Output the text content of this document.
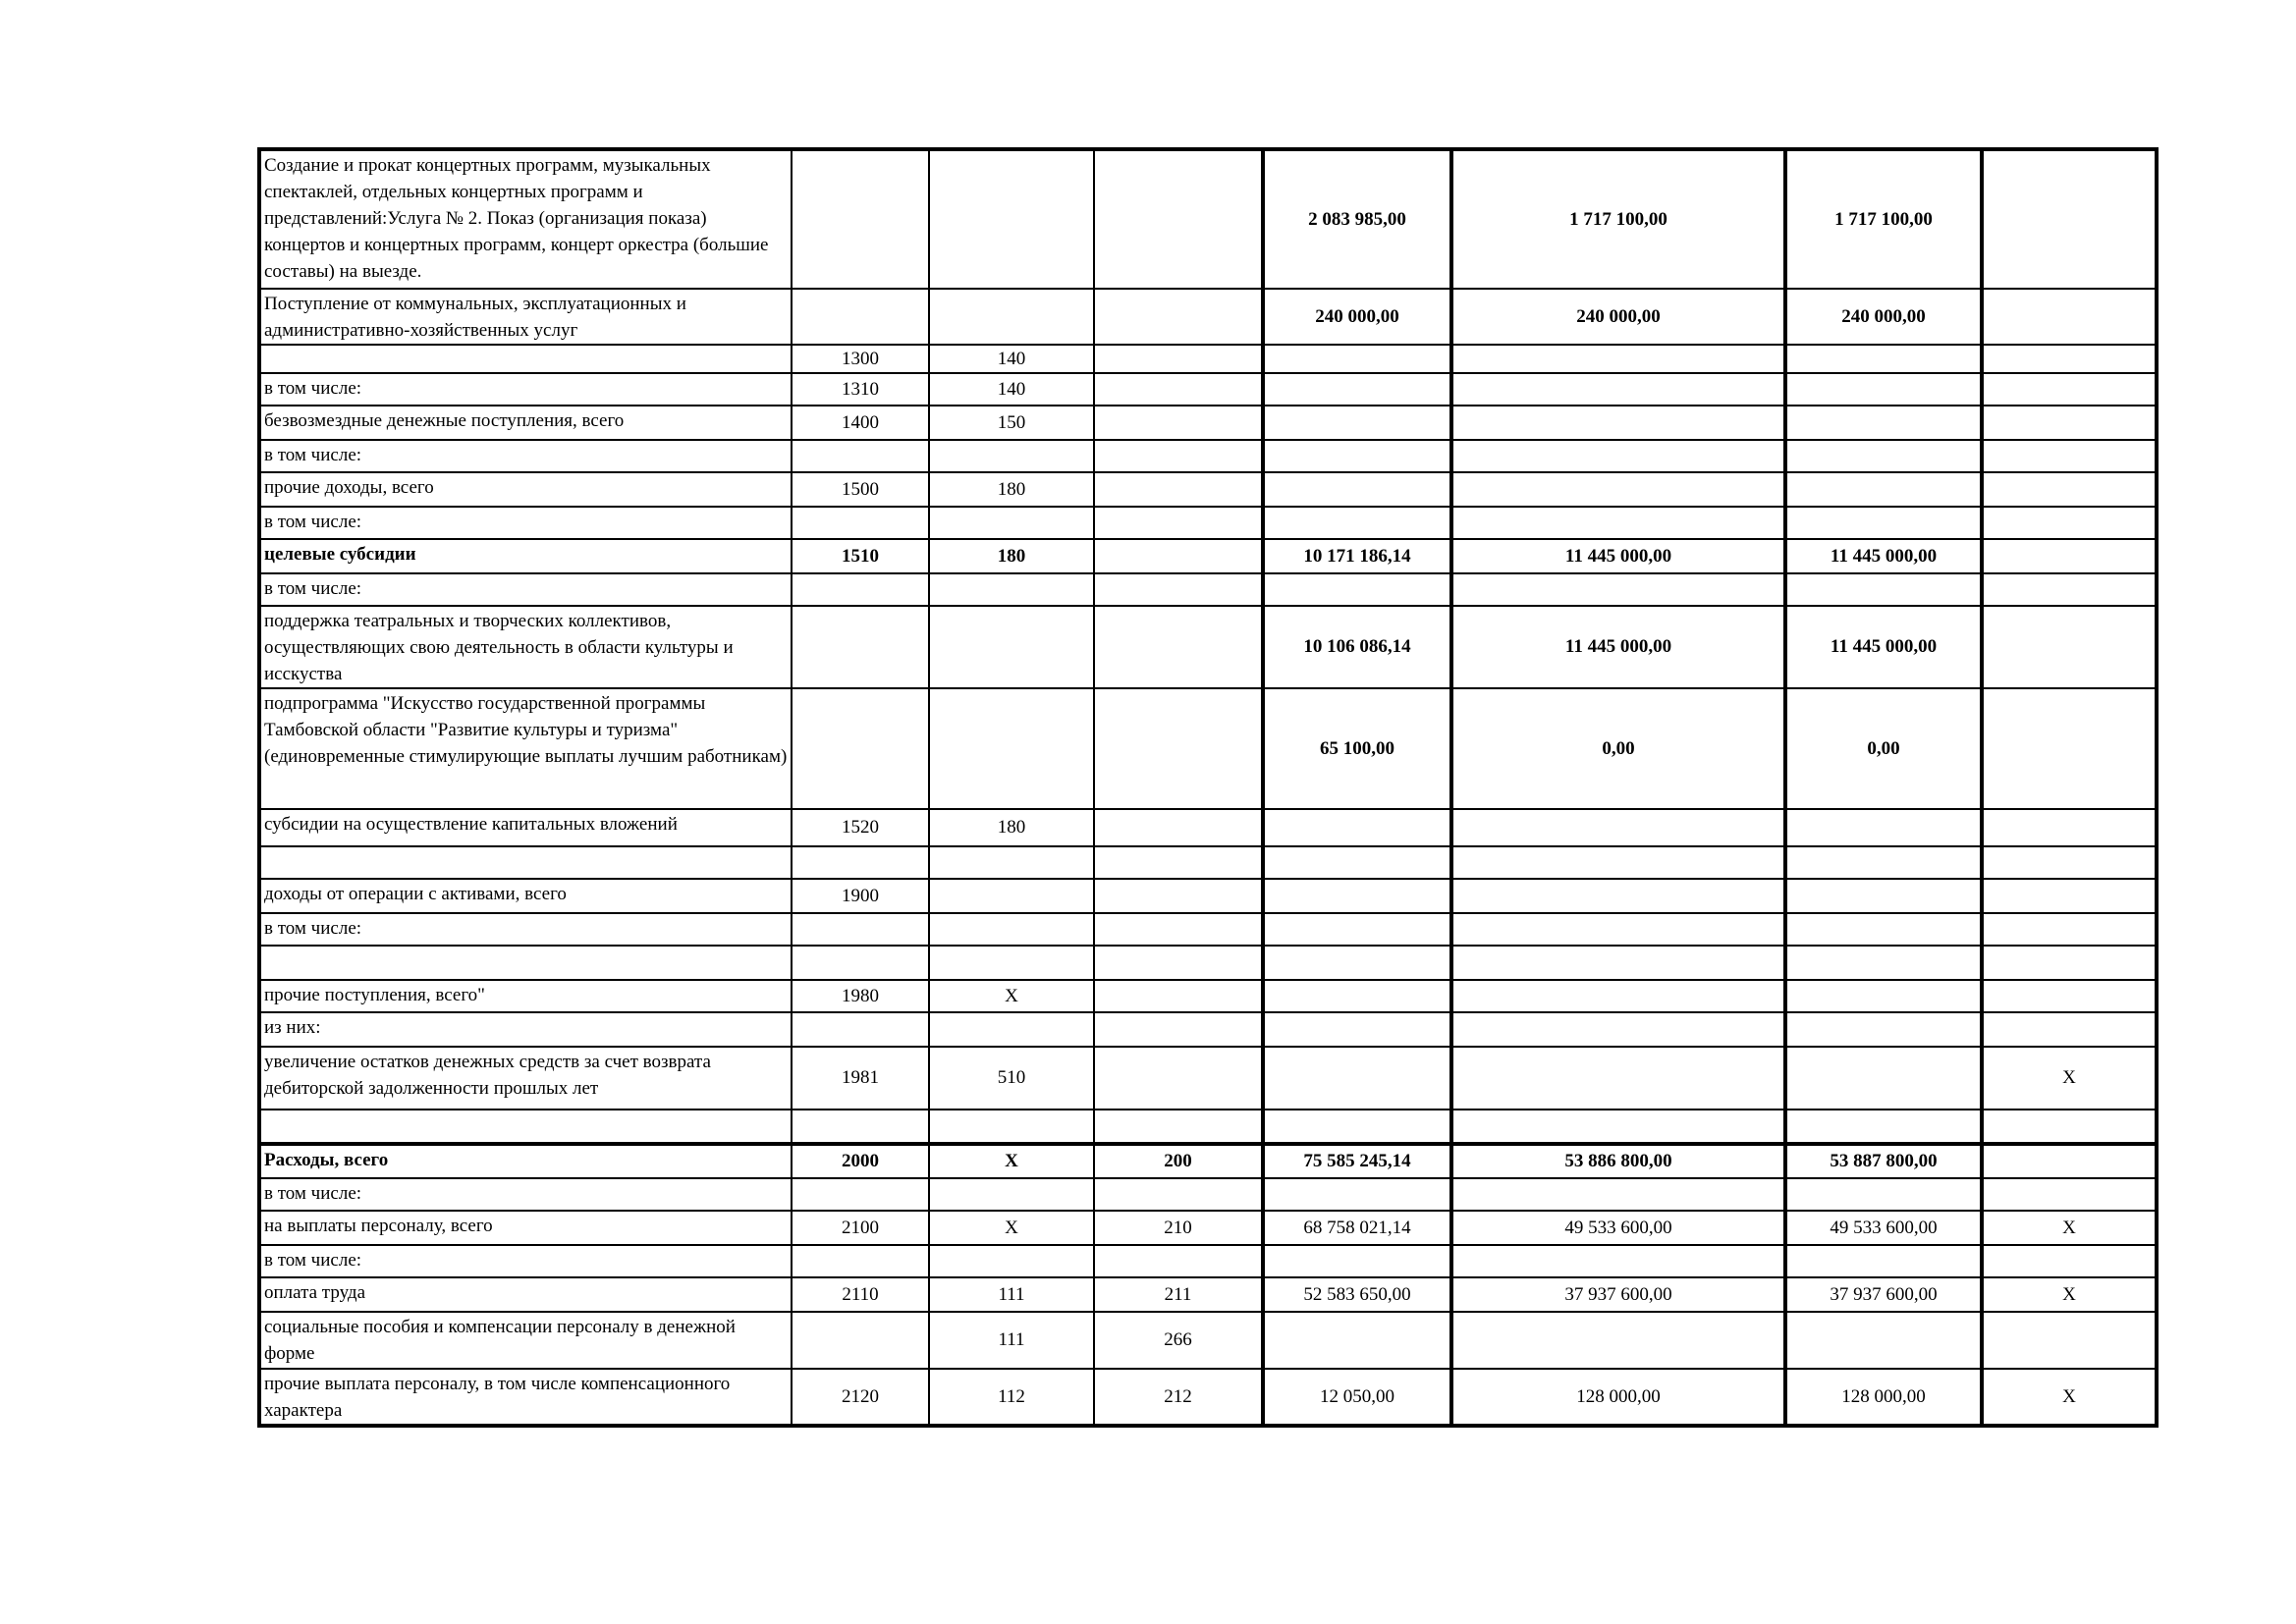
Создание и прокат концертных программ, музыкальных спектаклей, отдельных концертных программ и представлений:Услуга № 2. Показ (организация показа) концертов и концертных программ, концерт оркестра (большие составы) на выезде.				2 083 985,00	1 717 100,00	1 717 100,00	
Поступление от коммунальных, эксплуатационных и административно-хозяйственных услуг				240 000,00	240 000,00	240 000,00	
	1300	140					
в том числе:	1310	140					
безвозмездные денежные поступления, всего	1400	150					
в том числе:							
прочие доходы, всего	1500	180					
в том числе:							
целевые субсидии	1510	180		10 171 186,14	11 445 000,00	11 445 000,00	
в том числе:							
поддержка театральных и творческих коллективов, осуществляющих свою деятельность в области культуры и исскуства				10 106 086,14	11 445 000,00	11 445 000,00	
подпрограмма "Искусство государственной программы Тамбовской области "Развитие культуры и туризма" (единовременные стимулирующие выплаты лучшим работникам)				65 100,00	0,00	0,00	
субсидии на осуществление капитальных вложений	1520	180					

доходы от операции с активами, всего	1900						
в том числе:							

прочие поступления, всего"	1980	X					
из них:							
увеличение остатков денежных средств за счет возврата дебиторской задолженности прошлых лет	1981	510					X

Расходы, всего	2000	X	200	75 585 245,14	53 886 800,00	53 887 800,00	
в том числе:							
на выплаты персоналу, всего	2100	X	210	68 758 021,14	49 533 600,00	49 533 600,00	X
в том числе:							
оплата труда	2110	111	211	52 583 650,00	37 937 600,00	37 937 600,00	X
социальные пособия и компенсации персоналу в денежной форме		111	266				
прочие выплата персоналу, в том числе компенсационного характера	2120	112	212	12 050,00	128 000,00	128 000,00	X
